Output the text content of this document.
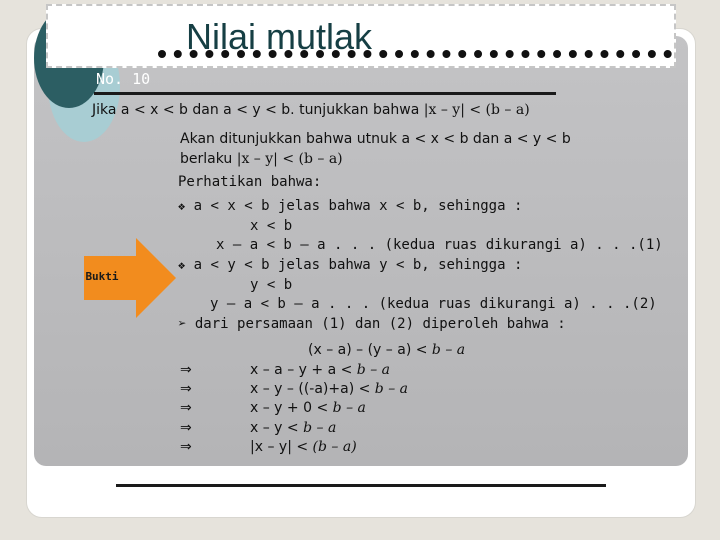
Nilai mutlak
No. 10
Jika a < x < b dan a < y < b. tunjukkan bahwa |x – y| < (b – a)
Akan ditunjukkan bahwa utnuk a < x < b dan a < y < b
berlaku |x – y| < (b – a)
Bukti
Perhatikan bahwa:
❖ a < x < b jelas bahwa x < b, sehingga :
x < b
x – a < b – a . . . (kedua ruas dikurangi a) . . .(1)
❖ a < y < b jelas bahwa y < b, sehingga :
y < b
y – a < b – a . . . (kedua ruas dikurangi a) . . .(2)
➢ dari persamaan (1) dan (2) diperoleh bahwa :
(x – a) – (y – a) < b – a
⇒	x – a – y + a < b – a
⇒	x – y – ((-a)+a) < b – a
⇒	x – y + 0 < b – a
⇒	x – y < b – a
⇒	|x – y| < (b – a)
